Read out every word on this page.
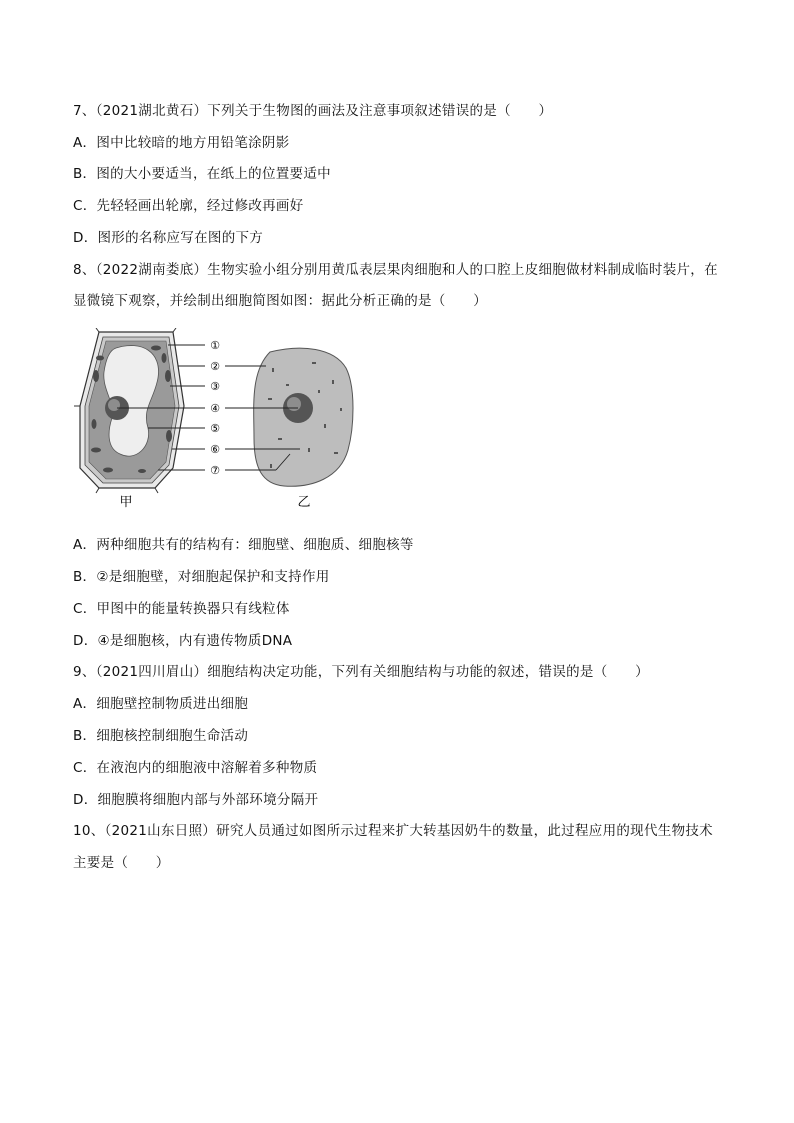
7、（2021湖北黄石）下列关于生物图的画法及注意事项叙述错误的是（　　）
A．图中比较暗的地方用铅笔涂阴影
B．图的大小要适当，在纸上的位置要适中
C．先轻轻画出轮廓，经过修改再画好
D．图形的名称应写在图的下方
8、（2022湖南娄底）生物实验小组分别用黄瓜表层果肉细胞和人的口腔上皮细胞做材料制成临时装片，在
显微镜下观察，并绘制出细胞简图如图：据此分析正确的是（　　）
①
②
③
④
⑤
⑥
⑦
甲	乙
A．两种细胞共有的结构有：细胞壁、细胞质、细胞核等
B．②是细胞壁，对细胞起保护和支持作用
C．甲图中的能量转换器只有线粒体
D．④是细胞核，内有遗传物质DNA
9、（2021四川眉山）细胞结构决定功能，下列有关细胞结构与功能的叙述，错误的是（　　）
A．细胞壁控制物质进出细胞
B．细胞核控制细胞生命活动
C．在液泡内的细胞液中溶解着多种物质
D．细胞膜将细胞内部与外部环境分隔开
10、（2021山东日照）研究人员通过如图所示过程来扩大转基因奶牛的数量，此过程应用的现代生物技术
主要是（　　）
